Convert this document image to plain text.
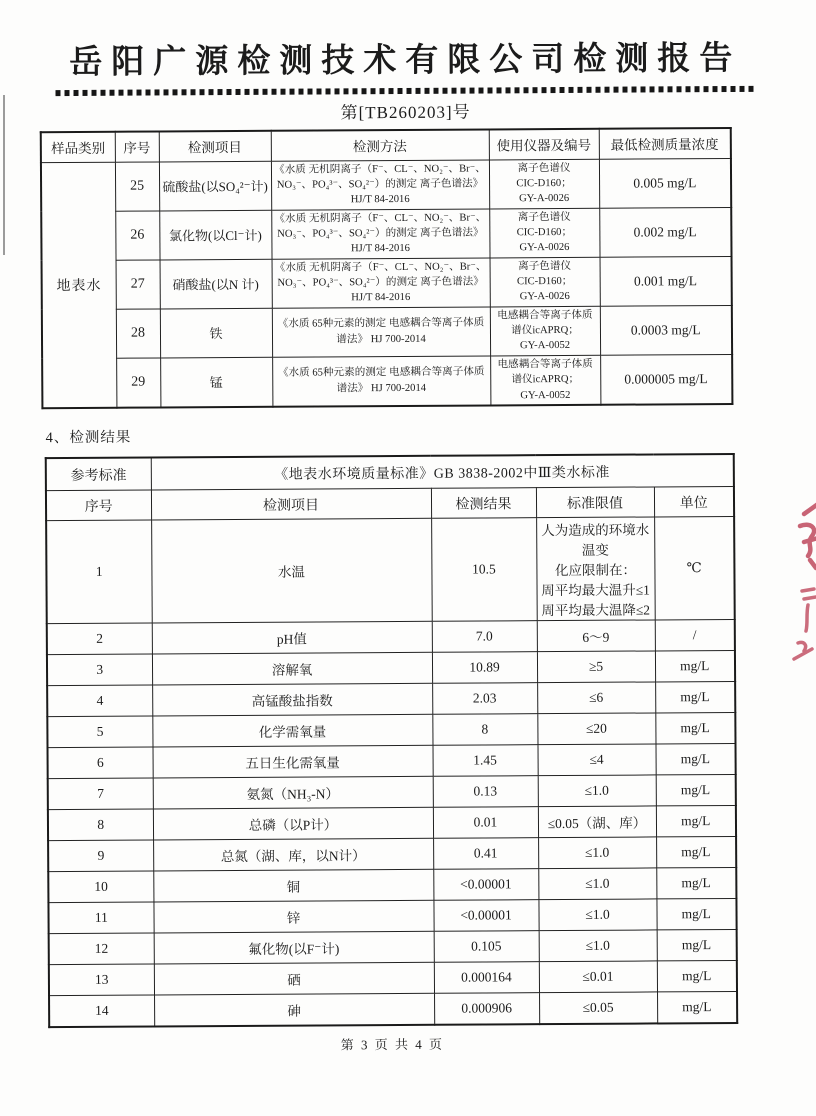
岳阳广源检测技术有限公司检测报告
第[TB260203]号
样品类别	序号	检测项目	检测方法	使用仪器及编号	最低检测质量浓度
地表水	25	硫酸盐(以SO₄²⁻计)	《水质 无机阴离子（F⁻、CL⁻、NO₂⁻、Br⁻、NO₃⁻、PO₄³⁻、SO₄²⁻）的测定 离子色谱法》
HJ/T 84-2016	离子色谱仪
CIC-D160；
GY-A-0026	0.005 mg/L
	26	氯化物(以Cl⁻计)	《水质 无机阴离子（F⁻、CL⁻、NO₂⁻、Br⁻、NO₃⁻、PO₄³⁻、SO₄²⁻）的测定 离子色谱法》
HJ/T 84-2016	离子色谱仪
CIC-D160；
GY-A-0026	0.002 mg/L
	27	硝酸盐(以N 计)	《水质 无机阴离子（F⁻、CL⁻、NO₂⁻、Br⁻、NO₃⁻、PO₄³⁻、SO₄²⁻）的测定 离子色谱法》
HJ/T 84-2016	离子色谱仪
CIC-D160；
GY-A-0026	0.001 mg/L
	28	铁	《水质 65种元素的测定 电感耦合等离子体质谱法》 HJ 700-2014	电感耦合等离子体质谱仪icAPRQ；
GY-A-0052	0.0003 mg/L
	29	锰	《水质 65种元素的测定 电感耦合等离子体质谱法》 HJ 700-2014	电感耦合等离子体质谱仪icAPRQ；
GY-A-0052	0.000005 mg/L
4、检测结果
参考标准	《地表水环境质量标准》GB 3838-2002中Ⅲ类水标准			
序号	检测项目	检测结果	标准限值	单位
1	水温	10.5	人为造成的环境水温变
化应限制在：
周平均最大温升≤1
周平均最大温降≤2	℃
2	pH值	7.0	6～9	/
3	溶解氧	10.89	≥5	mg/L
4	高锰酸盐指数	2.03	≤6	mg/L
5	化学需氧量	8	≤20	mg/L
6	五日生化需氧量	1.45	≤4	mg/L
7	氨氮（NH₃-N）	0.13	≤1.0	mg/L
8	总磷（以P计）	0.01	≤0.05（湖、库）	mg/L
9	总氮（湖、库，以N计）	0.41	≤1.0	mg/L
10	铜	<0.00001	≤1.0	mg/L
11	锌	<0.00001	≤1.0	mg/L
12	氟化物(以F⁻计)	0.105	≤1.0	mg/L
13	硒	0.000164	≤0.01	mg/L
14	砷	0.000906	≤0.05	mg/L
第 3 页 共 4 页
